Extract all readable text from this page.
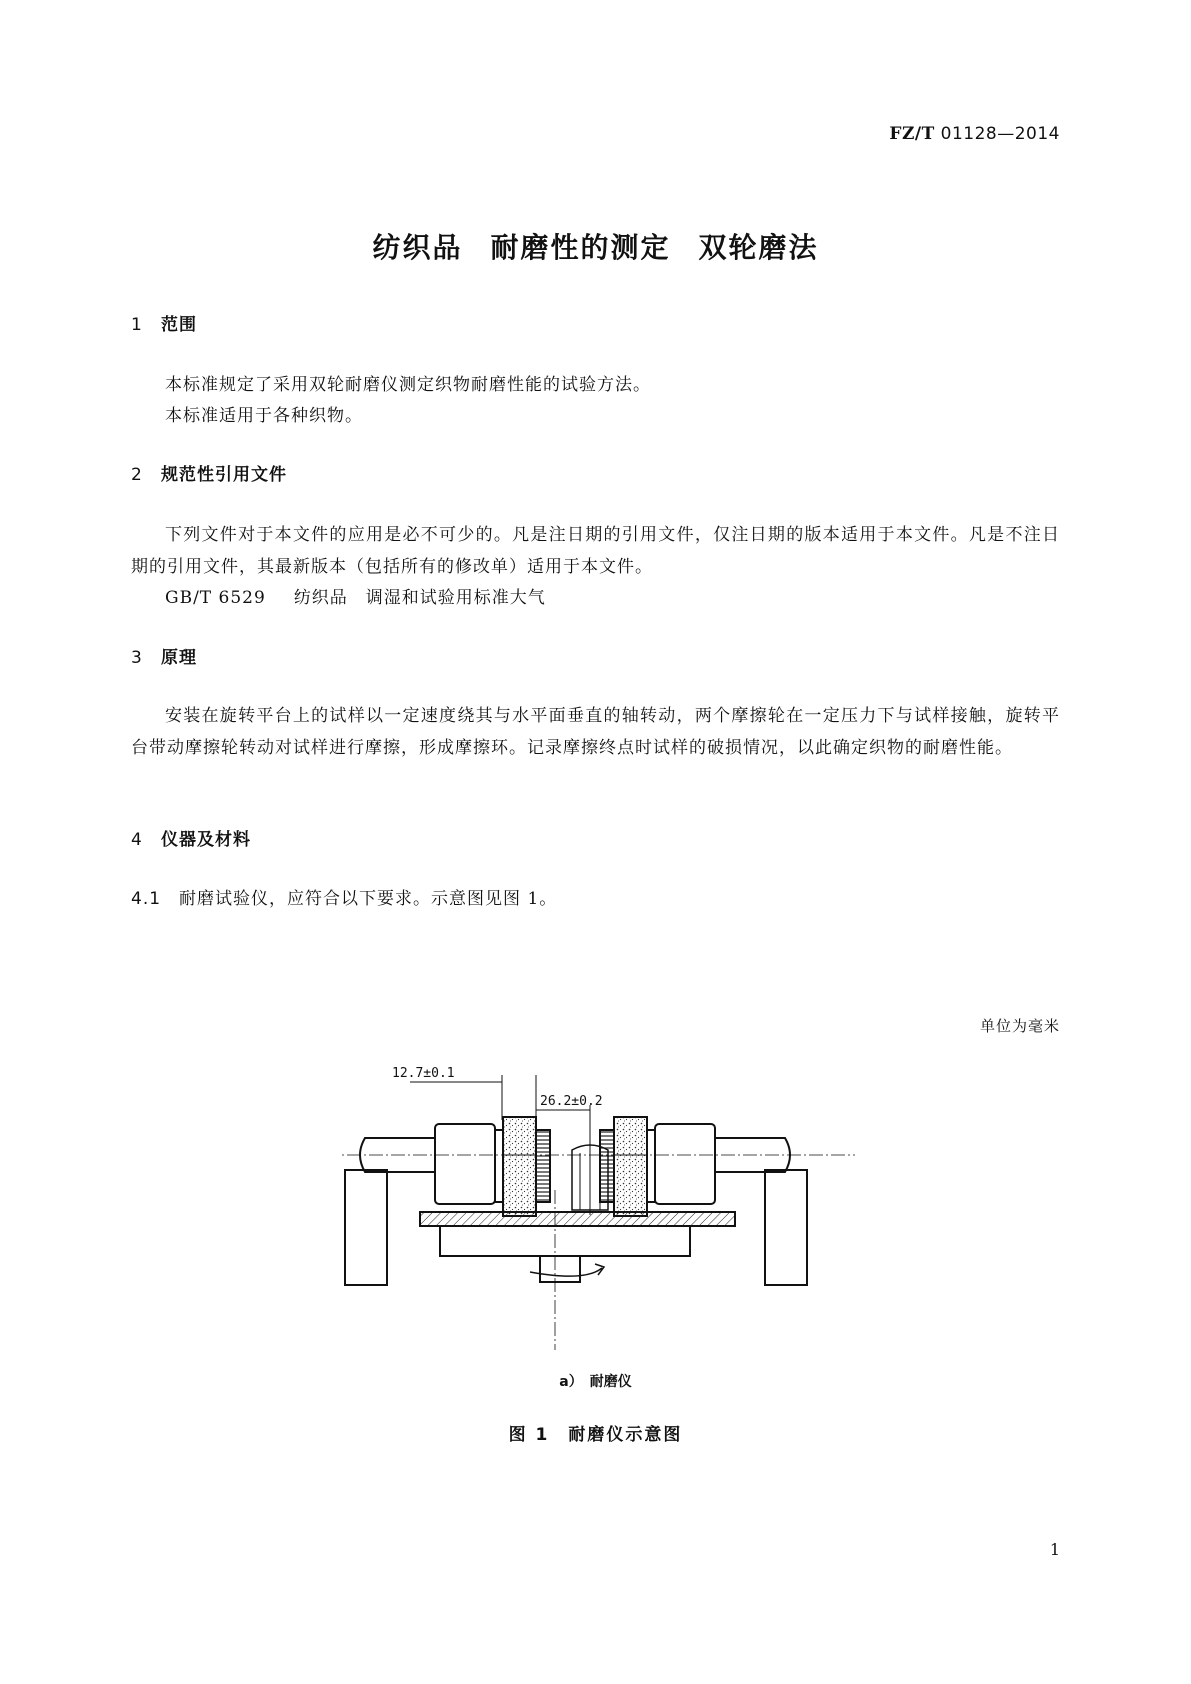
FZ/T 01128—2014
纺织品 耐磨性的测定 双轮磨法
1 范围
本标准规定了采用双轮耐磨仪测定织物耐磨性能的试验方法。
本标准适用于各种织物。
2 规范性引用文件
下列文件对于本文件的应用是必不可少的。凡是注日期的引用文件，仅注日期的版本适用于本文件。凡是不注日期的引用文件，其最新版本（包括所有的修改单）适用于本文件。
GB/T 6529 纺织品　调湿和试验用标准大气
3 原理
安装在旋转平台上的试样以一定速度绕其与水平面垂直的轴转动，两个摩擦轮在一定压力下与试样接触，旋转平台带动摩擦轮转动对试样进行摩擦，形成摩擦环。记录摩擦终点时试样的破损情况，以此确定织物的耐磨性能。
4 仪器及材料
4.1 耐磨试验仪，应符合以下要求。示意图见图 1。
单位为毫米
12.7±0.1
26.2±0.2
a）　耐磨仪
图 1　耐磨仪示意图
1
